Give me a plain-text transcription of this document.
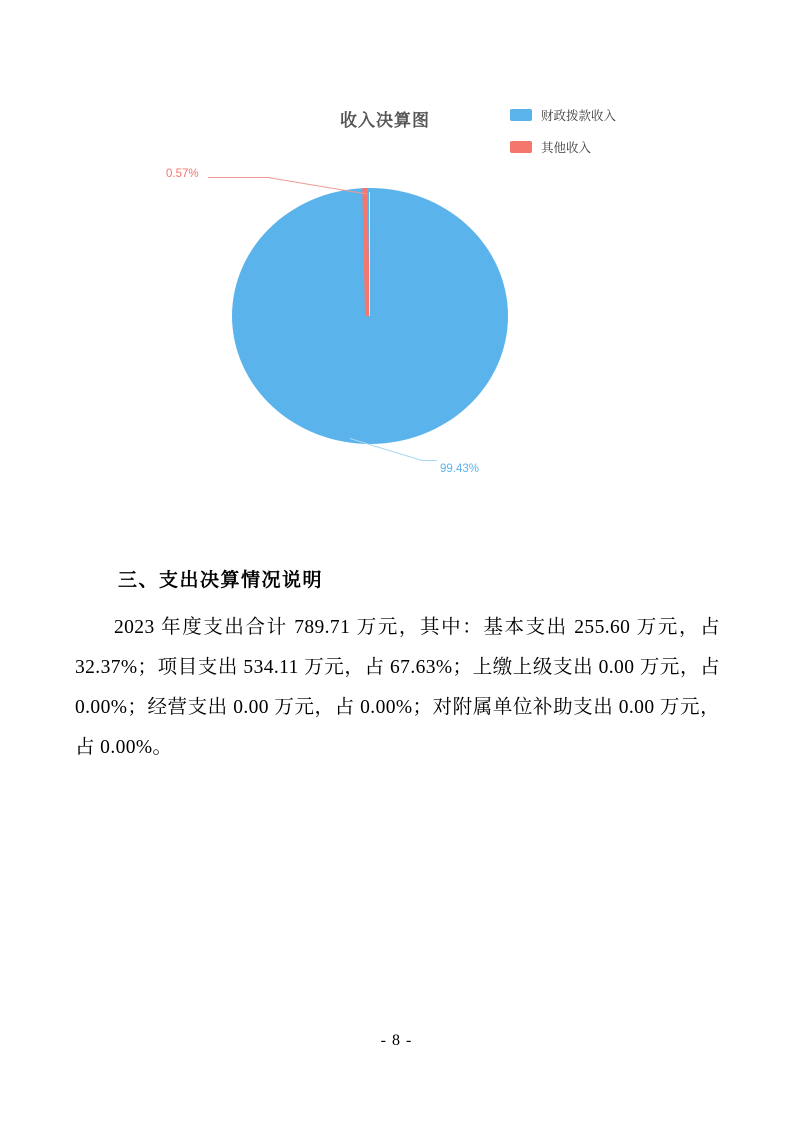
收入决算图	财政拨款收入
其他收入
0.57%
99.43%
三、支出决算情况说明
2023 年度支出合计 789.71 万元，其中：基本支出 255.60 万元，占 32.37%；项目支出 534.11 万元，占 67.63%；上缴上级支出 0.00 万元，占 0.00%；经营支出 0.00 万元，占 0.00%；对附属单位补助支出 0.00 万元，占 0.00%。
- 8 -
